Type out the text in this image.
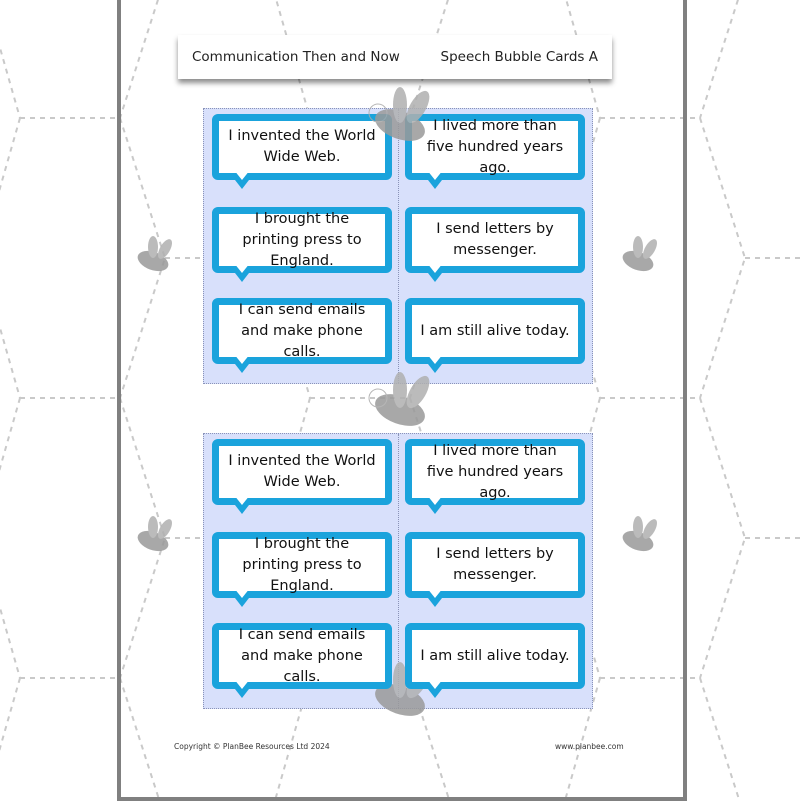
Communication Then and Now	Speech Bubble Cards A
I invented the World Wide Web.
I lived more than five hundred years ago.
I brought the printing press to England.
I send letters by messenger.
I can send emails and make phone calls.
I am still alive today.
I invented the World Wide Web.
I lived more than five hundred years ago.
I brought the printing press to England.
I send letters by messenger.
I can send emails and make phone calls.
I am still alive today.
Copyright © PlanBee Resources Ltd 2024	www.planbee.com
